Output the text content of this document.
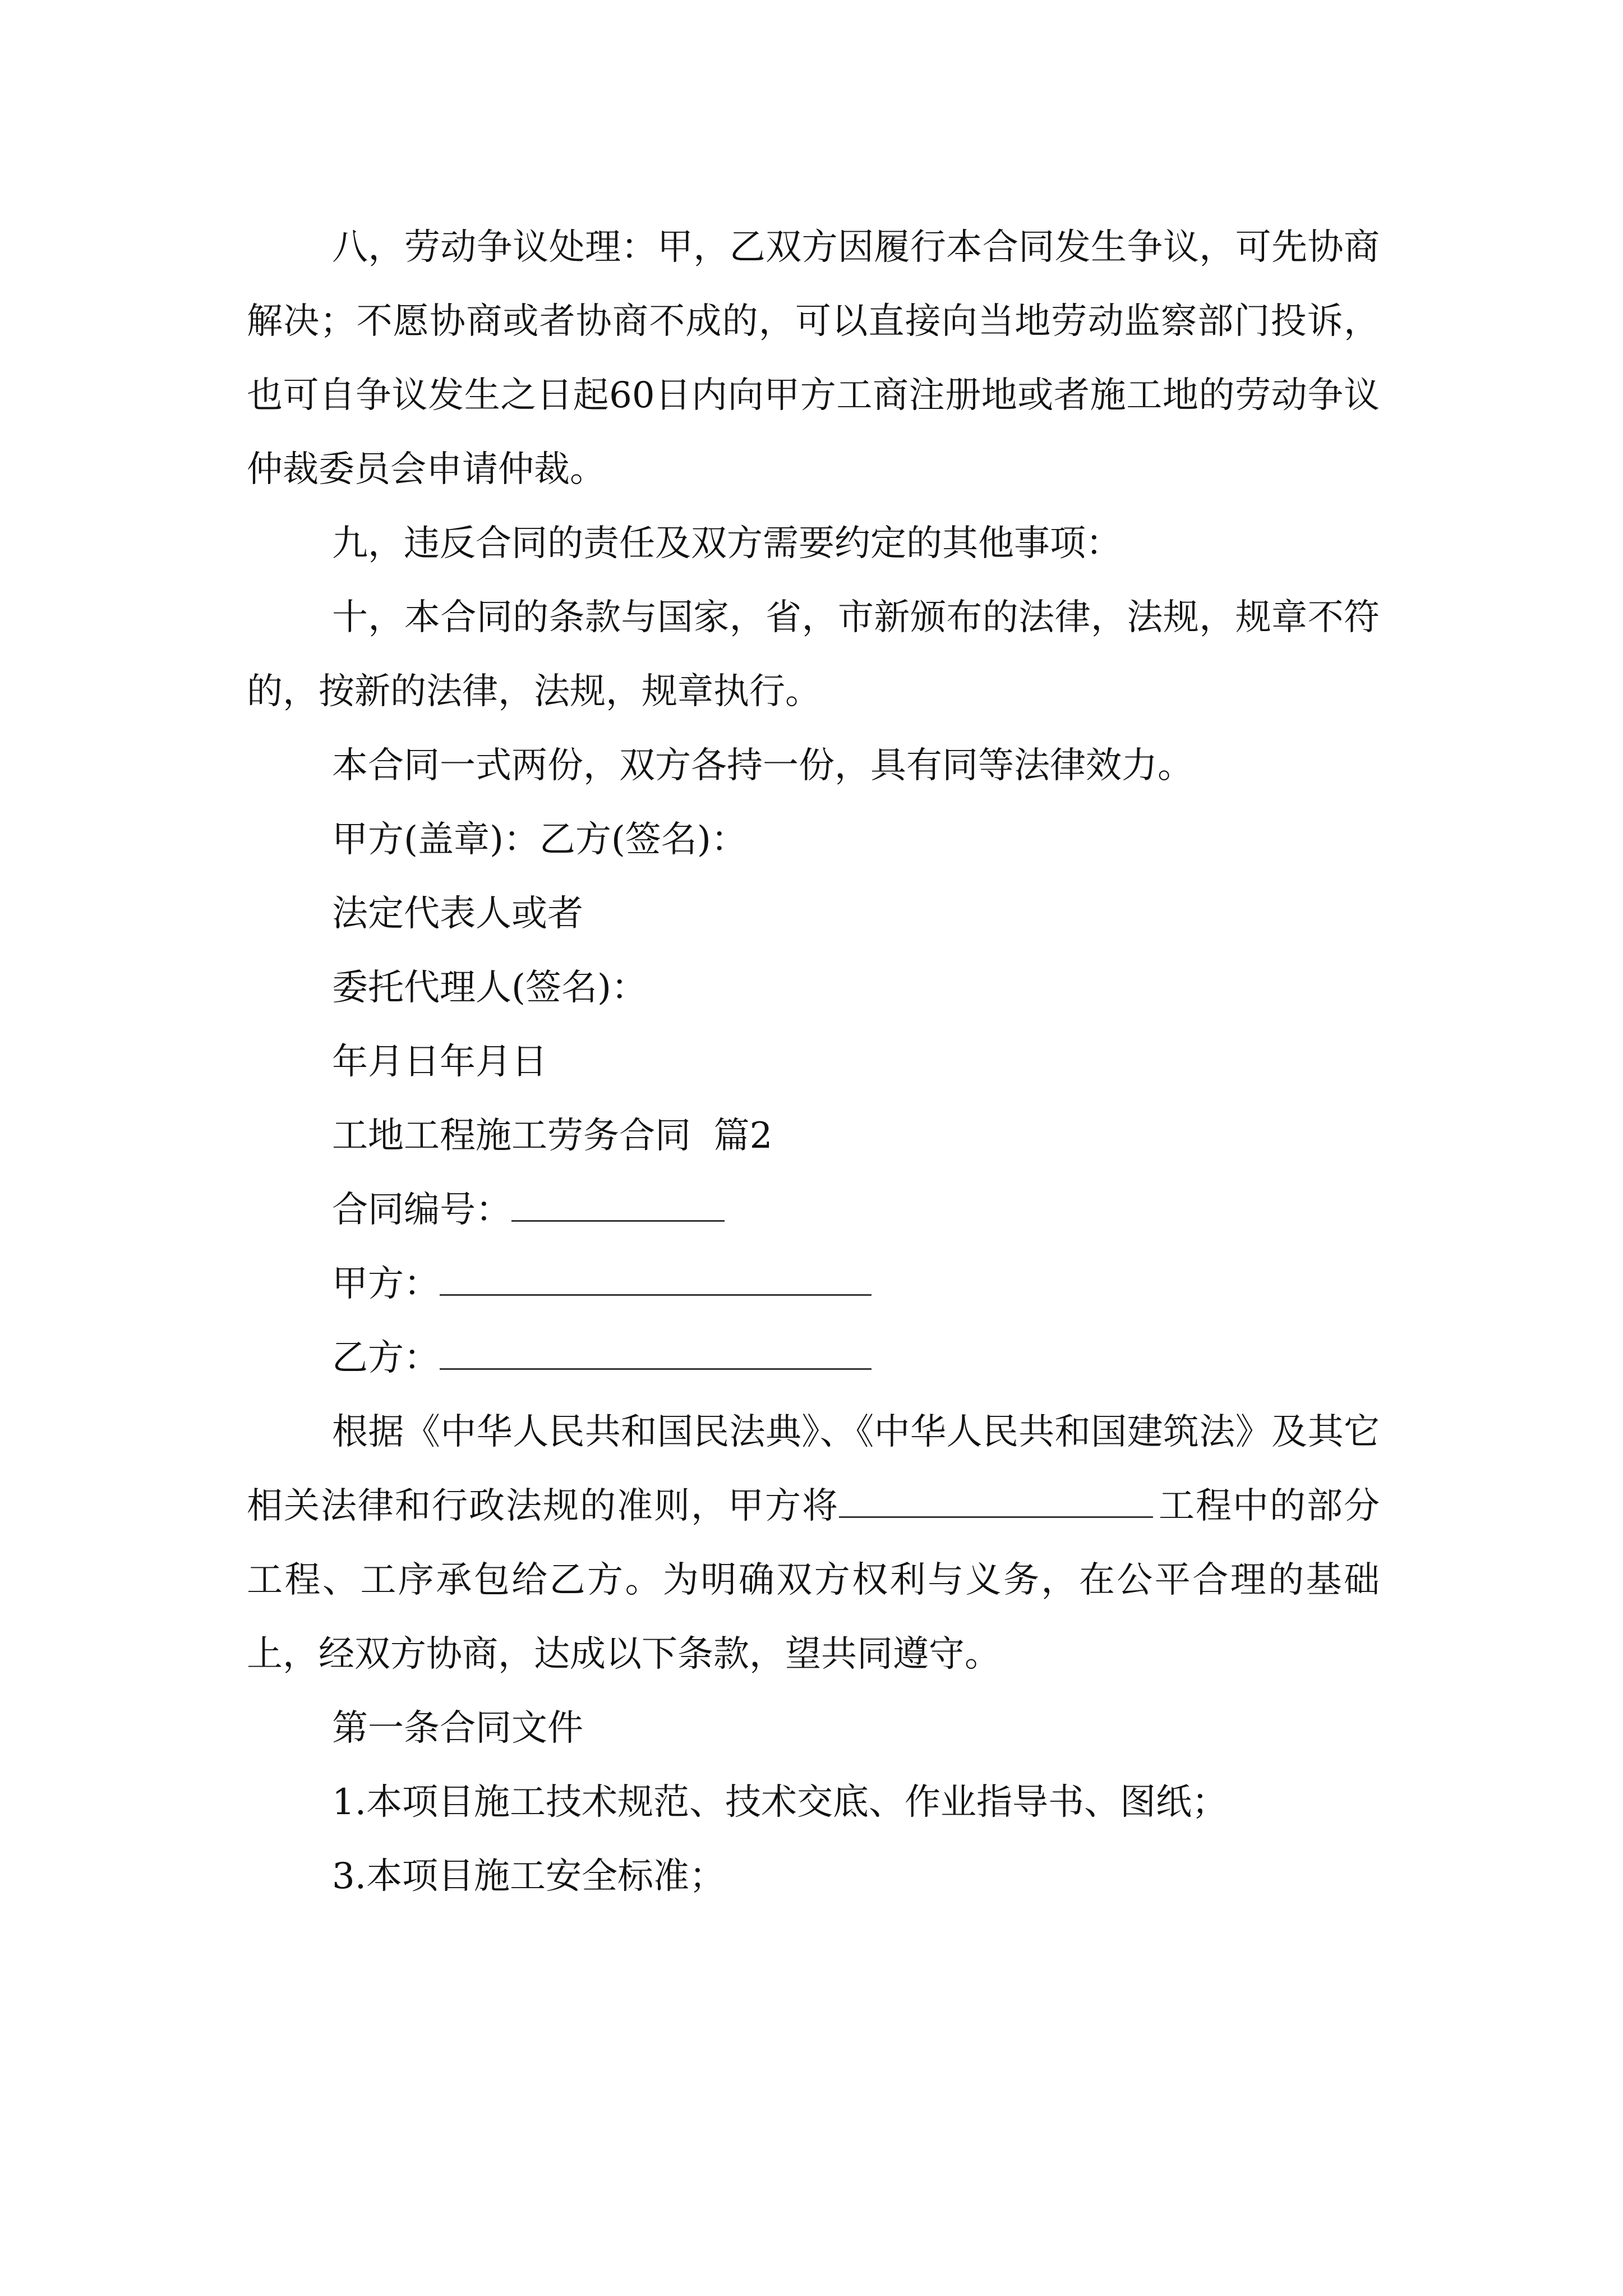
八，劳动争议处理：甲，乙双方因履行本合同发生争议，可先协商解决；不愿协商或者协商不成的，可以直接向当地劳动监察部门投诉，也可自争议发生之日起60日内向甲方工商注册地或者施工地的劳动争议仲裁委员会申请仲裁。

九，违反合同的责任及双方需要约定的其他事项：

十，本合同的条款与国家，省，市新颁布的法律，法规，规章不符的，按新的法律，法规，规章执行。

本合同一式两份，双方各持一份，具有同等法律效力。

甲方(盖章)：乙方(签名)：

法定代表人或者

委托代理人(签名)：

年月日年月日

工地工程施工劳务合同  篇2

合同编号：

甲方：

乙方：

根据《中华人民共和国民法典》、《中华人民共和国建筑法》及其它相关法律和行政法规的准则，甲方将	工程中的部分工程、工序承包给乙方。为明确双方权利与义务，在公平合理的基础上，经双方协商，达成以下条款，望共同遵守。

第一条合同文件

1.本项目施工技术规范、技术交底、作业指导书、图纸；

3.本项目施工安全标准；
